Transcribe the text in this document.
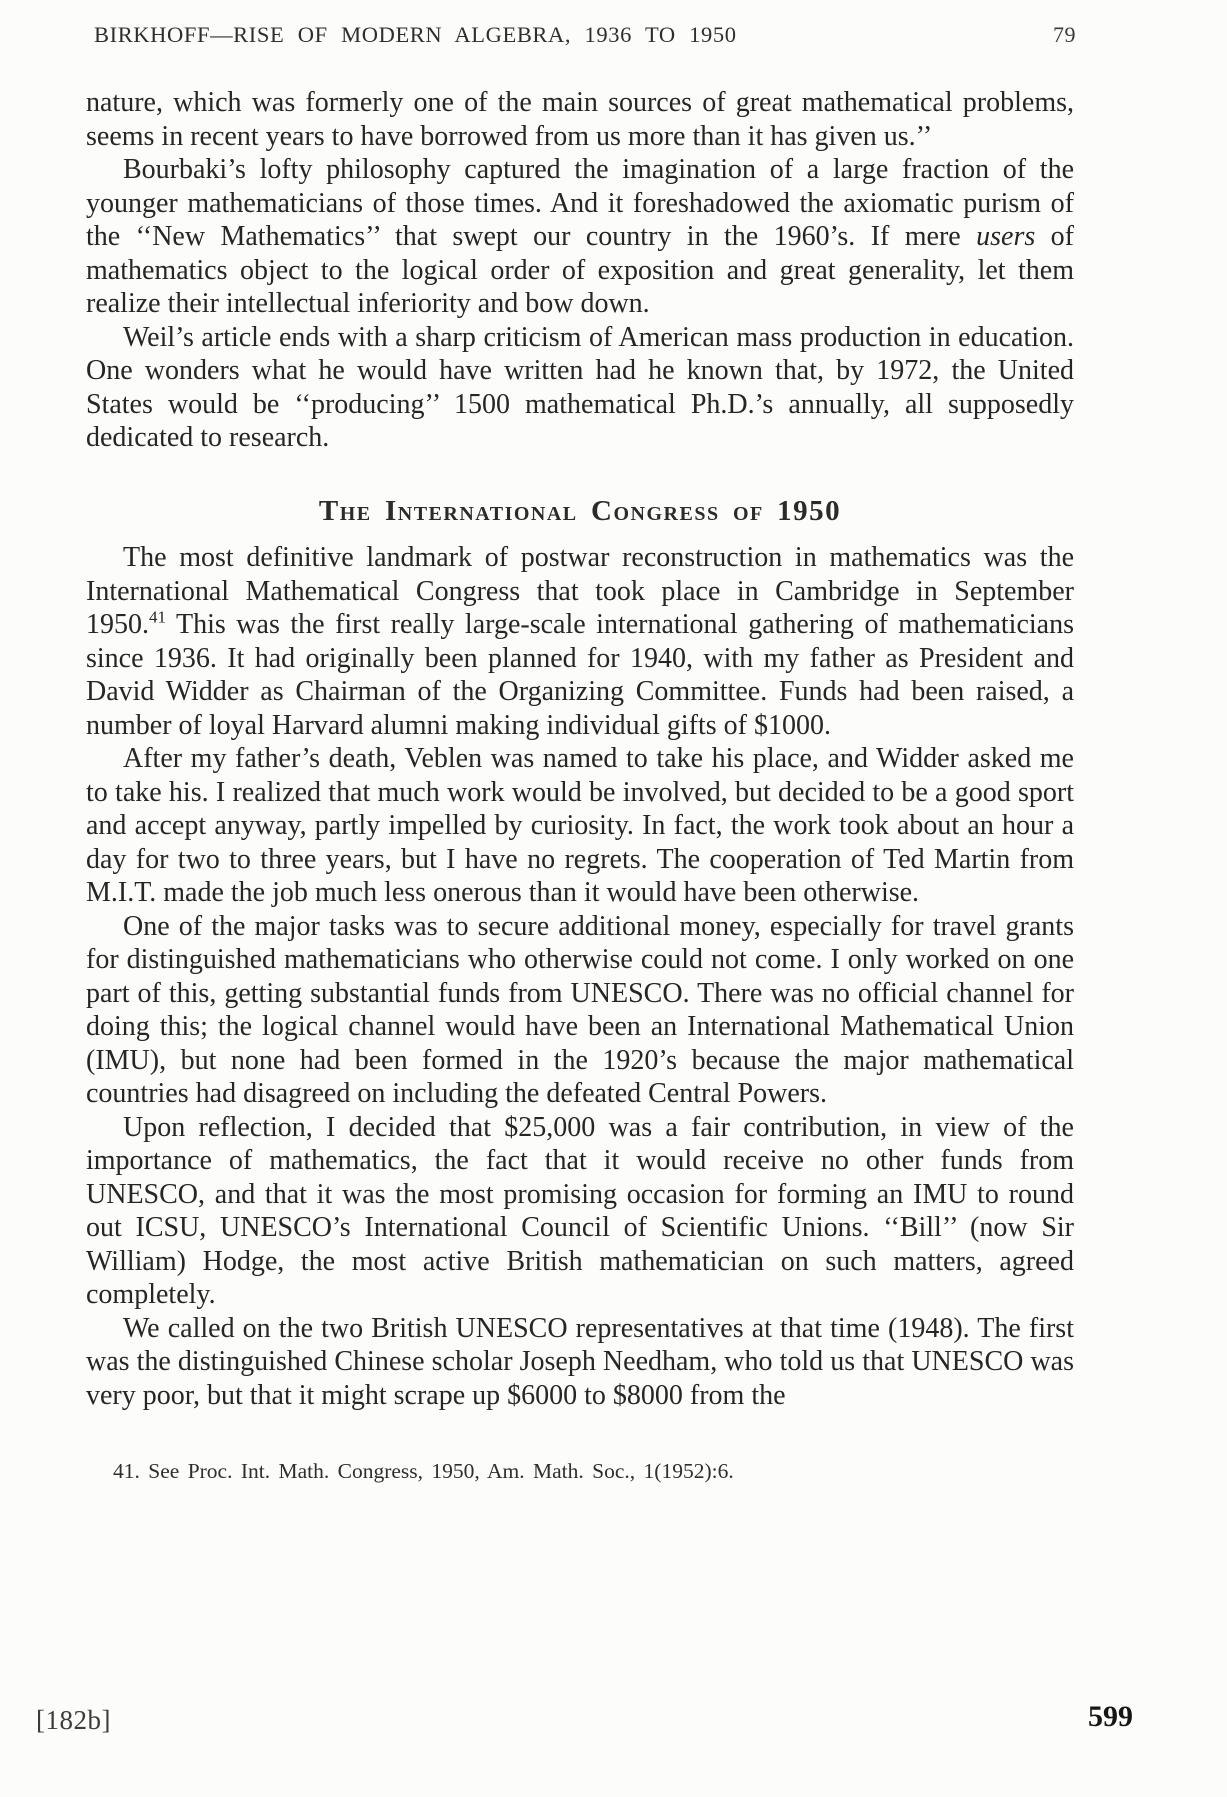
BIRKHOFF—RISE OF MODERN ALGEBRA, 1936 TO 1950	79

nature, which was formerly one of the main sources of great mathematical problems, seems in recent years to have borrowed from us more than it has given us.’’

Bourbaki’s lofty philosophy captured the imagination of a large fraction of the younger mathematicians of those times. And it foreshadowed the axiomatic purism of the ‘‘New Mathematics’’ that swept our country in the 1960’s. If mere users of mathematics object to the logical order of exposition and great generality, let them realize their intellectual inferiority and bow down.

Weil’s article ends with a sharp criticism of American mass production in education. One wonders what he would have written had he known that, by 1972, the United States would be ‘‘producing’’ 1500 mathematical Ph.D.’s annually, all supposedly dedicated to research.

The International Congress of 1950

The most definitive landmark of postwar reconstruction in mathematics was the International Mathematical Congress that took place in Cambridge in September 1950.41 This was the first really large-scale international gathering of mathematicians since 1936. It had originally been planned for 1940, with my father as President and David Widder as Chairman of the Organizing Committee. Funds had been raised, a number of loyal Harvard alumni making individual gifts of $1000.

After my father’s death, Veblen was named to take his place, and Widder asked me to take his. I realized that much work would be involved, but decided to be a good sport and accept anyway, partly impelled by curiosity. In fact, the work took about an hour a day for two to three years, but I have no regrets. The cooperation of Ted Martin from M.I.T. made the job much less onerous than it would have been otherwise.

One of the major tasks was to secure additional money, especially for travel grants for distinguished mathematicians who otherwise could not come. I only worked on one part of this, getting substantial funds from UNESCO. There was no official channel for doing this; the logical channel would have been an International Mathematical Union (IMU), but none had been formed in the 1920’s because the major mathematical countries had disagreed on including the defeated Central Powers.

Upon reflection, I decided that $25,000 was a fair contribution, in view of the importance of mathematics, the fact that it would receive no other funds from UNESCO, and that it was the most promising occasion for forming an IMU to round out ICSU, UNESCO’s International Council of Scientific Unions. ‘‘Bill’’ (now Sir William) Hodge, the most active British mathematician on such matters, agreed completely.

We called on the two British UNESCO representatives at that time (1948). The first was the distinguished Chinese scholar Joseph Needham, who told us that UNESCO was very poor, but that it might scrape up $6000 to $8000 from the

41. See Proc. Int. Math. Congress, 1950, Am. Math. Soc., 1(1952):6.
[182b]	599
